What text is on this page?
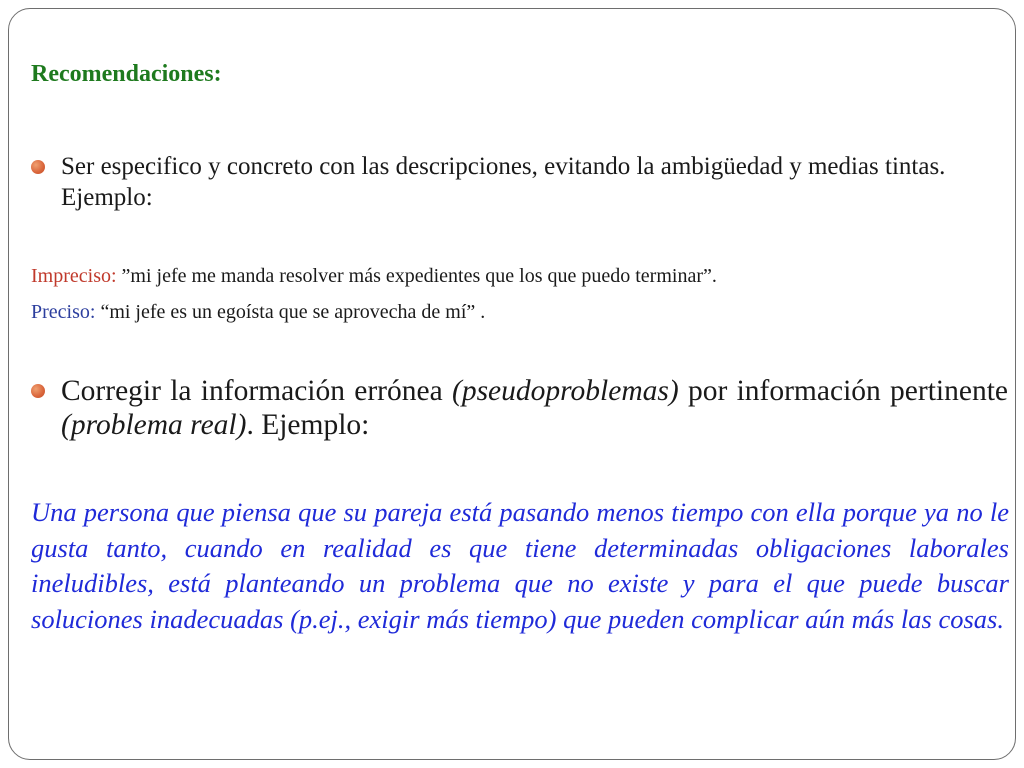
Recomendaciones:
Ser especifico y concreto con las descripciones, evitando la ambigüedad y medias tintas. Ejemplo:
Impreciso: ”mi jefe me manda resolver más expedientes que los que puedo terminar”.
Preciso: “mi jefe es un egoísta que se aprovecha de mí” .
Corregir la información errónea (pseudoproblemas) por información pertinente (problema real). Ejemplo:
Una persona que piensa que su pareja está pasando menos tiempo con ella porque ya no le gusta tanto, cuando en realidad es que tiene determinadas obligaciones laborales ineludibles, está planteando un problema que no existe y para el que puede buscar soluciones inadecuadas (p.ej., exigir más tiempo) que pueden complicar aún más las cosas.
